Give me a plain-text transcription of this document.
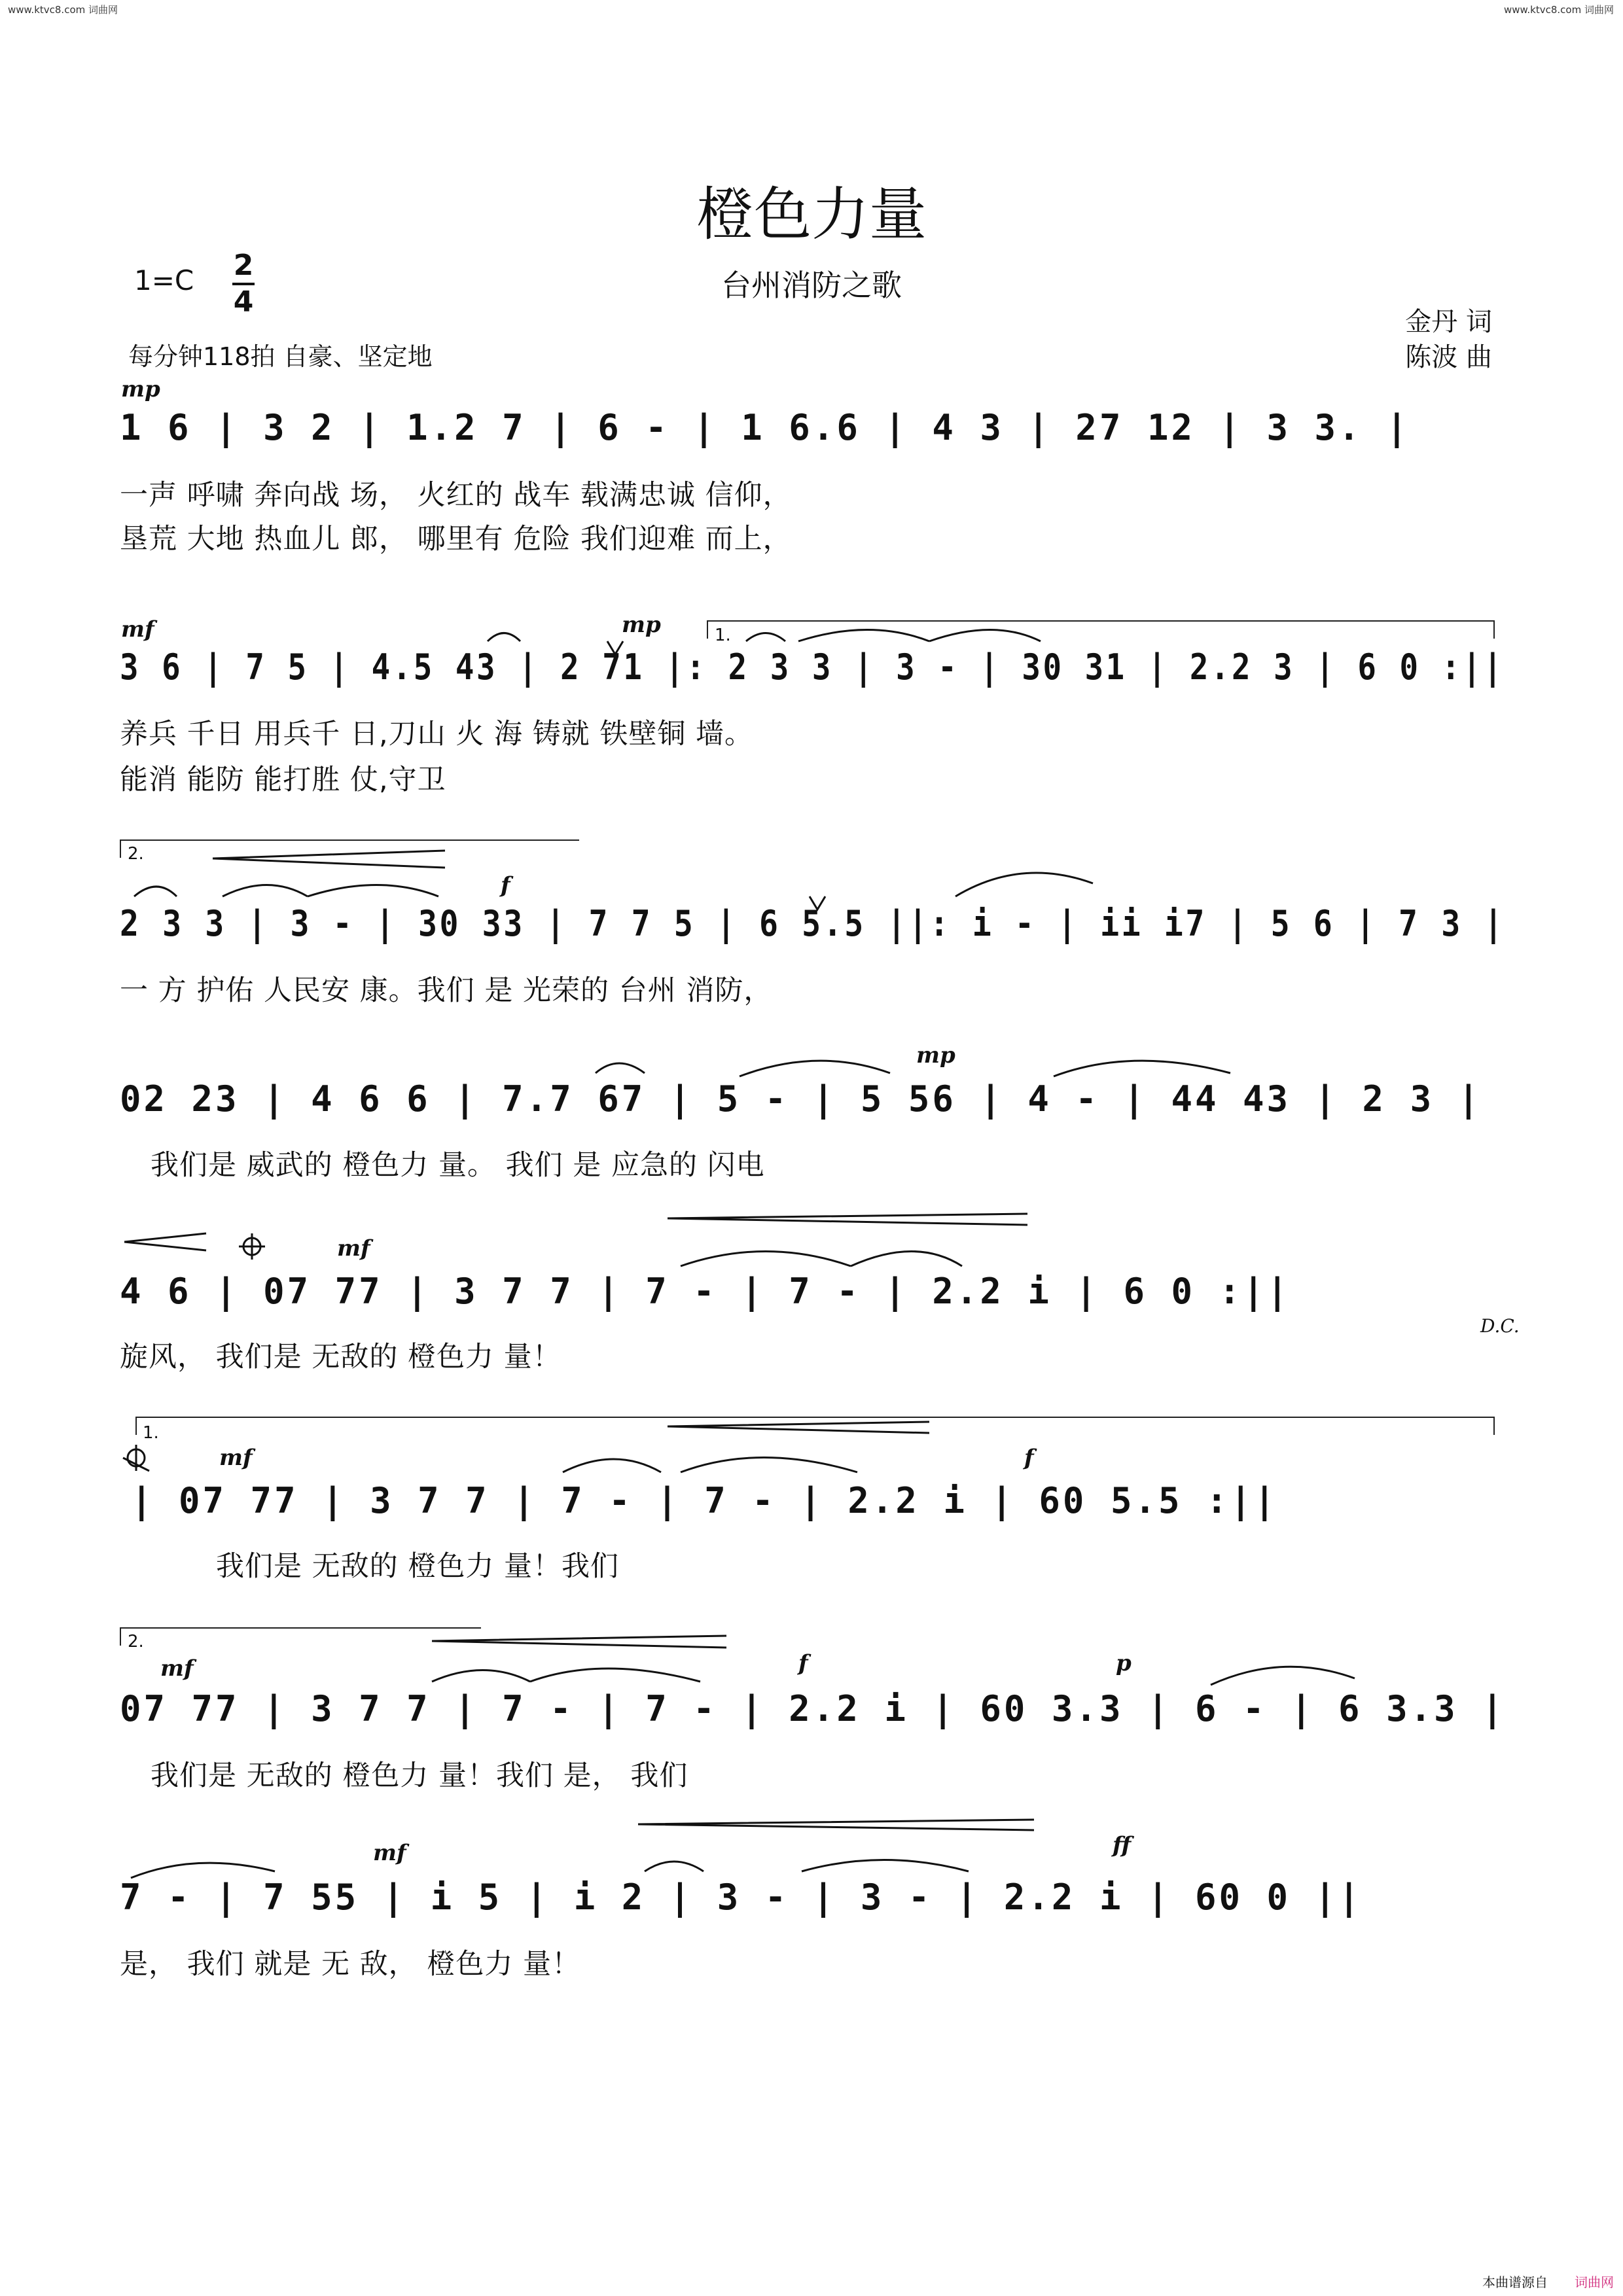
www.ktvc8.com 词曲网	www.ktvc8.com 词曲网
橙色力量
台州消防之歌
1=C 2
4
每分钟118拍 自豪、坚定地
金丹 词
陈波 曲
1.
2.
1.
2.
mp
mf	mp
f
mp
mf
mf	f
mf	f	p
mf	ff
1 6 | 3 2 | 1.2 7 | 6 - | 1 6.6 | 4 3 | 27 12 | 3 3. |
一声 呼啸 奔向战 场， 火红的 战车 载满忠诚 信仰，
垦荒 大地 热血儿 郎， 哪里有 危险 我们迎难 而上，
3 6 | 7 5 | 4.5 43 | 2 71 |: 2 3 3 | 3 - | 30 31 | 2.2 3 | 6 0 :||
养兵 千日 用兵千 日,刀山 火 海 铸就 铁壁铜 墙。
能消 能防 能打胜 仗,守卫
2 3 3 | 3 - | 30 33 | 7 7 5 | 6 5.5 ||: i - | ii i7 | 5 6 | 7 3 |
一 方 护佑 人民安 康。我们 是 光荣的 台州 消防，
02 23 | 4 6 6 | 7.7 67 | 5 - | 5 56 | 4 - | 44 43 | 2 3 |
我们是 威武的 橙色力 量。 我们 是 应急的 闪电
4 6 | 07 77 | 3 7 7 | 7 - | 7 - | 2.2 i | 6 0 :||
旋风， 我们是 无敌的 橙色力 量！
D.C.
| 07 77 | 3 7 7 | 7 - | 7 - | 2.2 i | 60 5.5 :||
我们是 无敌的 橙色力 量！我们
07 77 | 3 7 7 | 7 - | 7 - | 2.2 i | 60 3.3 | 6 - | 6 3.3 |
我们是 无敌的 橙色力 量！我们 是， 我们
7 - | 7 55 | i 5 | i 2 | 3 - | 3 - | 2.2 i | 60 0 ||
是， 我们 就是 无 敌， 橙色力 量！
本曲谱源自 词曲网
